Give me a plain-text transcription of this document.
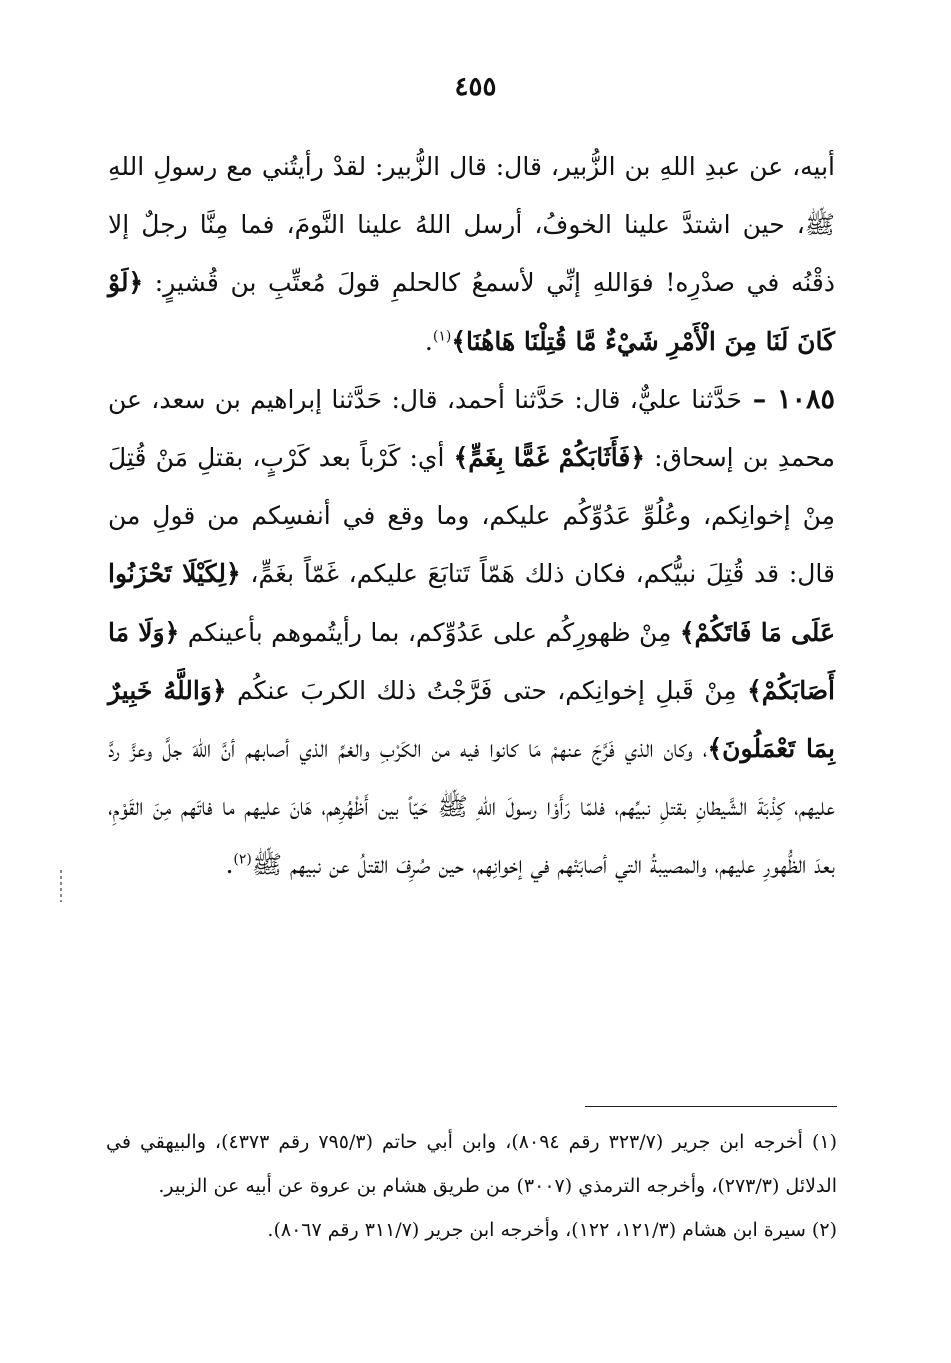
٤٥٥

أبيه، عن عبدِ اللهِ بن الزُّبير، قال: قال الزُّبير: لقدْ رأيتُني مع رسولِ اللهِ ﷺ، حين اشتدَّ علينا الخوفُ، أرسل اللهُ علينا النَّومَ، فما مِنَّا رجلٌ إلا ذقْنُه في صدْرِه! فوَاللهِ إنِّي لأسمعُ كالحلمِ قولَ مُعتِّبِ بن قُشيرٍ: ﴿لَوْ كَانَ لَنَا مِنَ الْأَمْرِ شَيْءٌ مَّا قُتِلْنَا هَاهُنَا﴾$^{(١)}$.

١٠٨٥ – حَدَّثنا عليٌّ، قال: حَدَّثنا أحمد، قال: حَدَّثنا إبراهيم بن سعد، عن محمدِ بن إسحاق: ﴿فَأَثَابَكُمْ غَمًّا بِغَمٍّ﴾ أي: كَرْباً بعد كَرْبٍ، بقتلِ مَنْ قُتِلَ مِنْ إخوانِكم، وعُلُوِّ عَدُوِّكُم عليكم، وما وقع في أنفسِكم من قولِ من قال: قد قُتِلَ نبيُّكم، فكان ذلك هَمّاً تَتابَعَ عليكم، غَمّاً بغَمٍّ، ﴿لِكَيْلَا تَحْزَنُوا عَلَى مَا فَاتَكُمْ﴾ مِنْ ظهورِكُم على عَدُوِّكم، بما رأيتُموهم بأعينكم ﴿وَلَا مَا أَصَابَكُمْ﴾ مِنْ قَبلِ إخوانِكم، حتى فَرَّجْتُ ذلك الكربَ عنكُم ﴿وَاللَّهُ خَبِيرٌ بِمَا تَعْمَلُونَ﴾، وكان الذي فَرَّجَ عنهمْ مَا كانوا فيه من الكَرْبِ والغمِّ الذي أصابهم أنَّ اللهَ جلَّ وعزَّ ردَّ عليهم، كِذْبَةَ الشَّيطانِ بقتلِ نبيِّهم، فلمّا رَأَوْا رسولَ اللهِ ﷺ حَيّاً بين أَظْهُرِهم، هَانَ عليهم ما فاتَهم مِنَ القَوْمِ، بعدَ الظُّهورِ عليهم، والمصيبةُ التي أصابَتْهم في إخوانِهم، حين صُرِفَ القتلُ عن نبيهم ﷺ$^{(٢)}$.

(١) أخرجه ابن جرير (٣٢٣/٧ رقم ٨٠٩٤)، وابن أبي حاتم (٧٩٥/٣ رقم ٤٣٧٣)، والبيهقي في الدلائل (٢٧٣/٣)، وأخرجه الترمذي (٣٠٠٧) من طريق هشام بن عروة عن أبيه عن الزبير.

(٢) سيرة ابن هشام (١٢١/٣، ١٢٢)، وأخرجه ابن جرير (٣١١/٧ رقم ٨٠٦٧).
